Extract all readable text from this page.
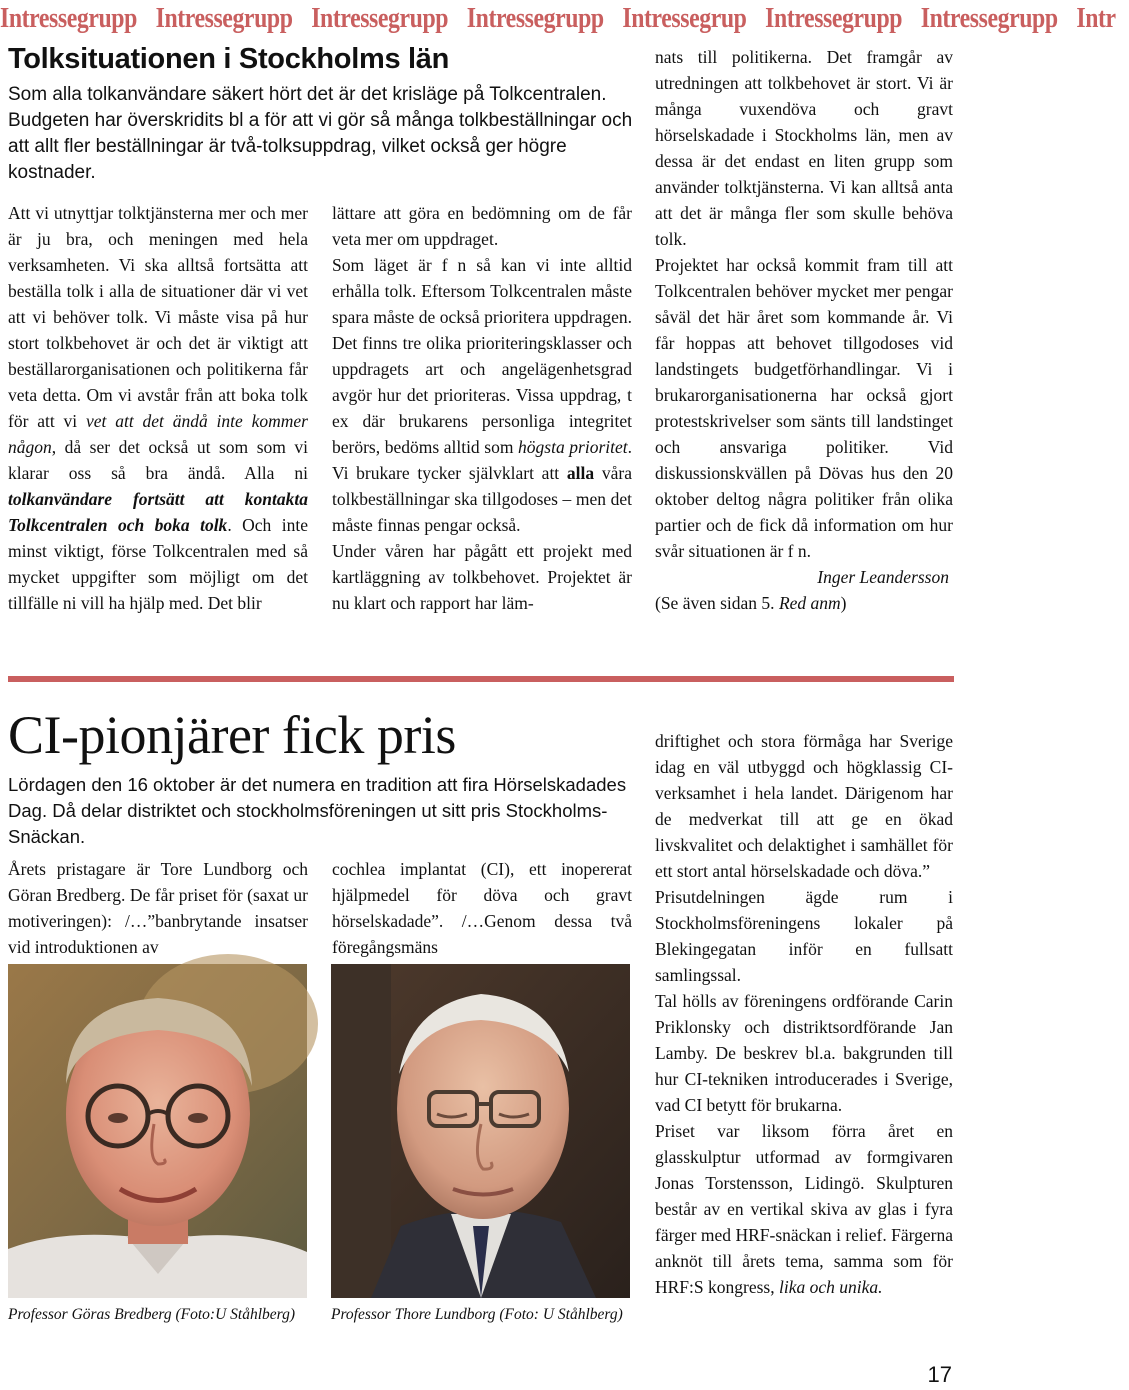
Intressegrupp Intressegrupp Intressegrupp Intressegrupp Intressegrup Intressegrupp Intressegrupp Intr
Tolksituationen i Stockholms län
Som alla tolkanvändare säkert hört det är det krisläge på Tolkcentralen. Budgeten har överskridits bl a för att vi gör så många tolkbeställningar och att allt fler beställningar är två-tolksuppdrag, vilket också ger högre kostnader.

Att vi utnyttjar tolktjänsterna mer och mer är ju bra, och meningen med hela verksamheten. Vi ska alltså fortsätta att beställa tolk i alla de situationer där vi vet att vi behöver tolk. Vi måste visa på hur stort tolkbehovet är och det är viktigt att beställarorganisationen och politikerna får veta detta. Om vi avstår från att boka tolk för att vi vet att det ändå inte kommer någon, då ser det också ut som som vi klarar oss så bra ändå. Alla ni tolkanvändare fortsätt att kontakta Tolkcentralen och boka tolk. Och inte minst viktigt, förse Tolkcentralen med så mycket uppgifter som möjligt om det tillfälle ni vill ha hjälp med. Det blir

lättare att göra en bedömning om de får veta mer om uppdraget.

Som läget är f n så kan vi inte alltid erhålla tolk. Eftersom Tolkcentralen måste spara måste de också prioritera uppdragen. Det finns tre olika prioriteringsklasser och uppdragets art och angelägenhetsgrad avgör hur det prioriteras. Vissa uppdrag, t ex där brukarens personliga integritet berörs, bedöms alltid som högsta prioritet. Vi brukare tycker självklart att alla våra tolkbeställningar ska tillgodoses – men det måste finnas pengar också.

Under våren har pågått ett projekt med kartläggning av tolkbehovet. Projektet är nu klart och rapport har läm-

nats till politikerna. Det framgår av utredningen att tolkbehovet är stort. Vi är många vuxendöva och gravt hörselskadade i Stockholms län, men av dessa är det endast en liten grupp som använder tolktjänsterna. Vi kan alltså anta att det är många fler som skulle behöva tolk.

Projektet har också kommit fram till att Tolkcentralen behöver mycket mer pengar såväl det här året som kommande år. Vi får hoppas att behovet tillgodoses vid landstingets budgetförhandlingar. Vi i brukarorganisationerna har också gjort protestskrivelser som sänts till landstinget och ansvariga politiker. Vid diskussionskvällen på Dövas hus den 20 oktober deltog några politiker från olika partier och de fick då information om hur svår situationen är f n.

Inger Leandersson

(Se även sidan 5. Red anm)

CI-pionjärer fick pris
Lördagen den 16 oktober är det numera en tradition att fira Hörselskadades Dag. Då delar distriktet och stockholmsföreningen ut sitt pris Stockholms-Snäckan.

Årets pristagare är Tore Lundborg och Göran Bredberg. De får priset för (saxat ur motiveringen): /…”banbrytande insatser vid introduktionen av

cochlea implantat (CI), ett inopererat hjälpmedel för döva och gravt hörselskadade”. /…Genom dessa två föregångsmäns

driftighet och stora förmåga har Sverige idag en väl utbyggd och högklassig CI-verksamhet i hela landet. Därigenom har de medverkat till att ge en ökad livskvalitet och delaktighet i samhället för ett stort antal hörselskadade och döva.”

Prisutdelningen ägde rum i Stockholmsföreningens lokaler på Blekingegatan inför en fullsatt samlingssal.

Tal hölls av föreningens ordförande Carin Priklonsky och distriktsordförande Jan Lamby. De beskrev bl.a. bakgrunden till hur CI-tekniken introducerades i Sverige, vad CI betytt för brukarna.

Priset var liksom förra året en glasskulptur utformad av formgivaren Jonas Torstensson, Lidingö. Skulpturen består av en vertikal skiva av glas i fyra färger med HRF-snäckan i relief. Färgerna anknöt till årets tema, samma som för HRF:S kongress, lika och unika.

Professor Göras Bredberg (Foto:U Ståhlberg)	Professor Thore Lundborg (Foto: U Ståhlberg)
17
